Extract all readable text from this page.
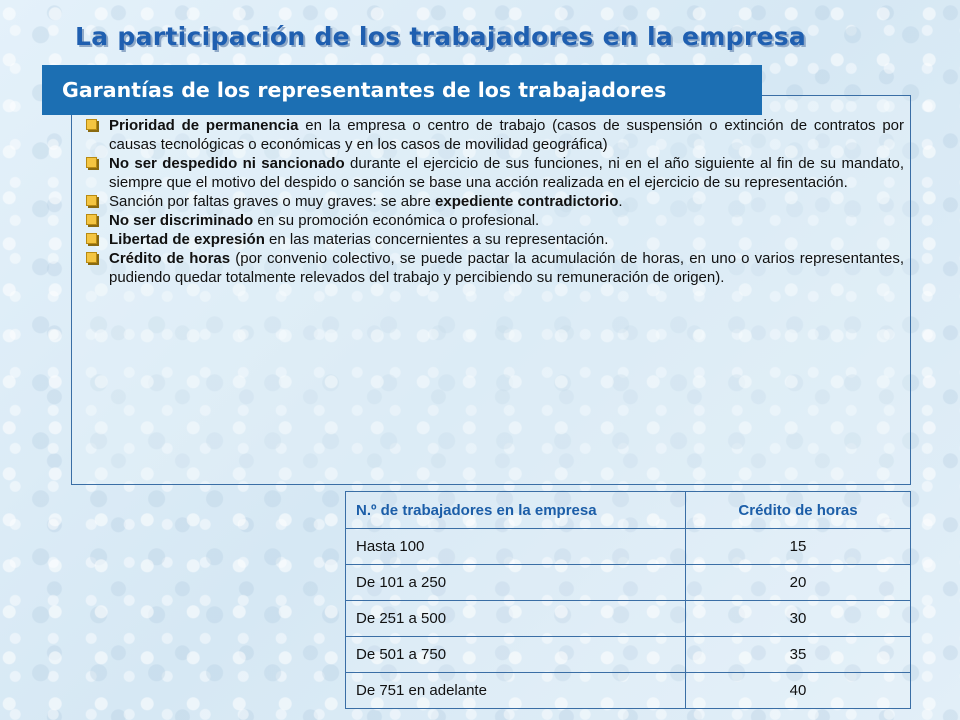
La participación de los trabajadores en la empresa
Garantías de los representantes de los trabajadores
Prioridad de permanencia en la empresa o centro de trabajo (casos de suspensión o extinción de contratos por causas tecnológicas o económicas y en los casos de movilidad geográfica)
No ser despedido ni sancionado durante el ejercicio de sus funciones, ni en el año siguiente al fin de su mandato, siempre que el motivo del despido o sanción se base una acción realizada en el ejercicio de su representación.
Sanción por faltas graves o muy graves: se abre expediente contradictorio.
No ser discriminado en su promoción económica o profesional.
Libertad de expresión en las materias concernientes a su representación.
Crédito de horas (por convenio colectivo, se puede pactar la acumulación de horas, en uno o varios representantes, pudiendo quedar totalmente relevados del trabajo y percibiendo su remuneración de origen).
N.º de trabajadores en la empresa	Crédito de horas
Hasta 100	15
De 101 a 250	20
De 251 a 500	30
De 501 a 750	35
De 751 en adelante	40
